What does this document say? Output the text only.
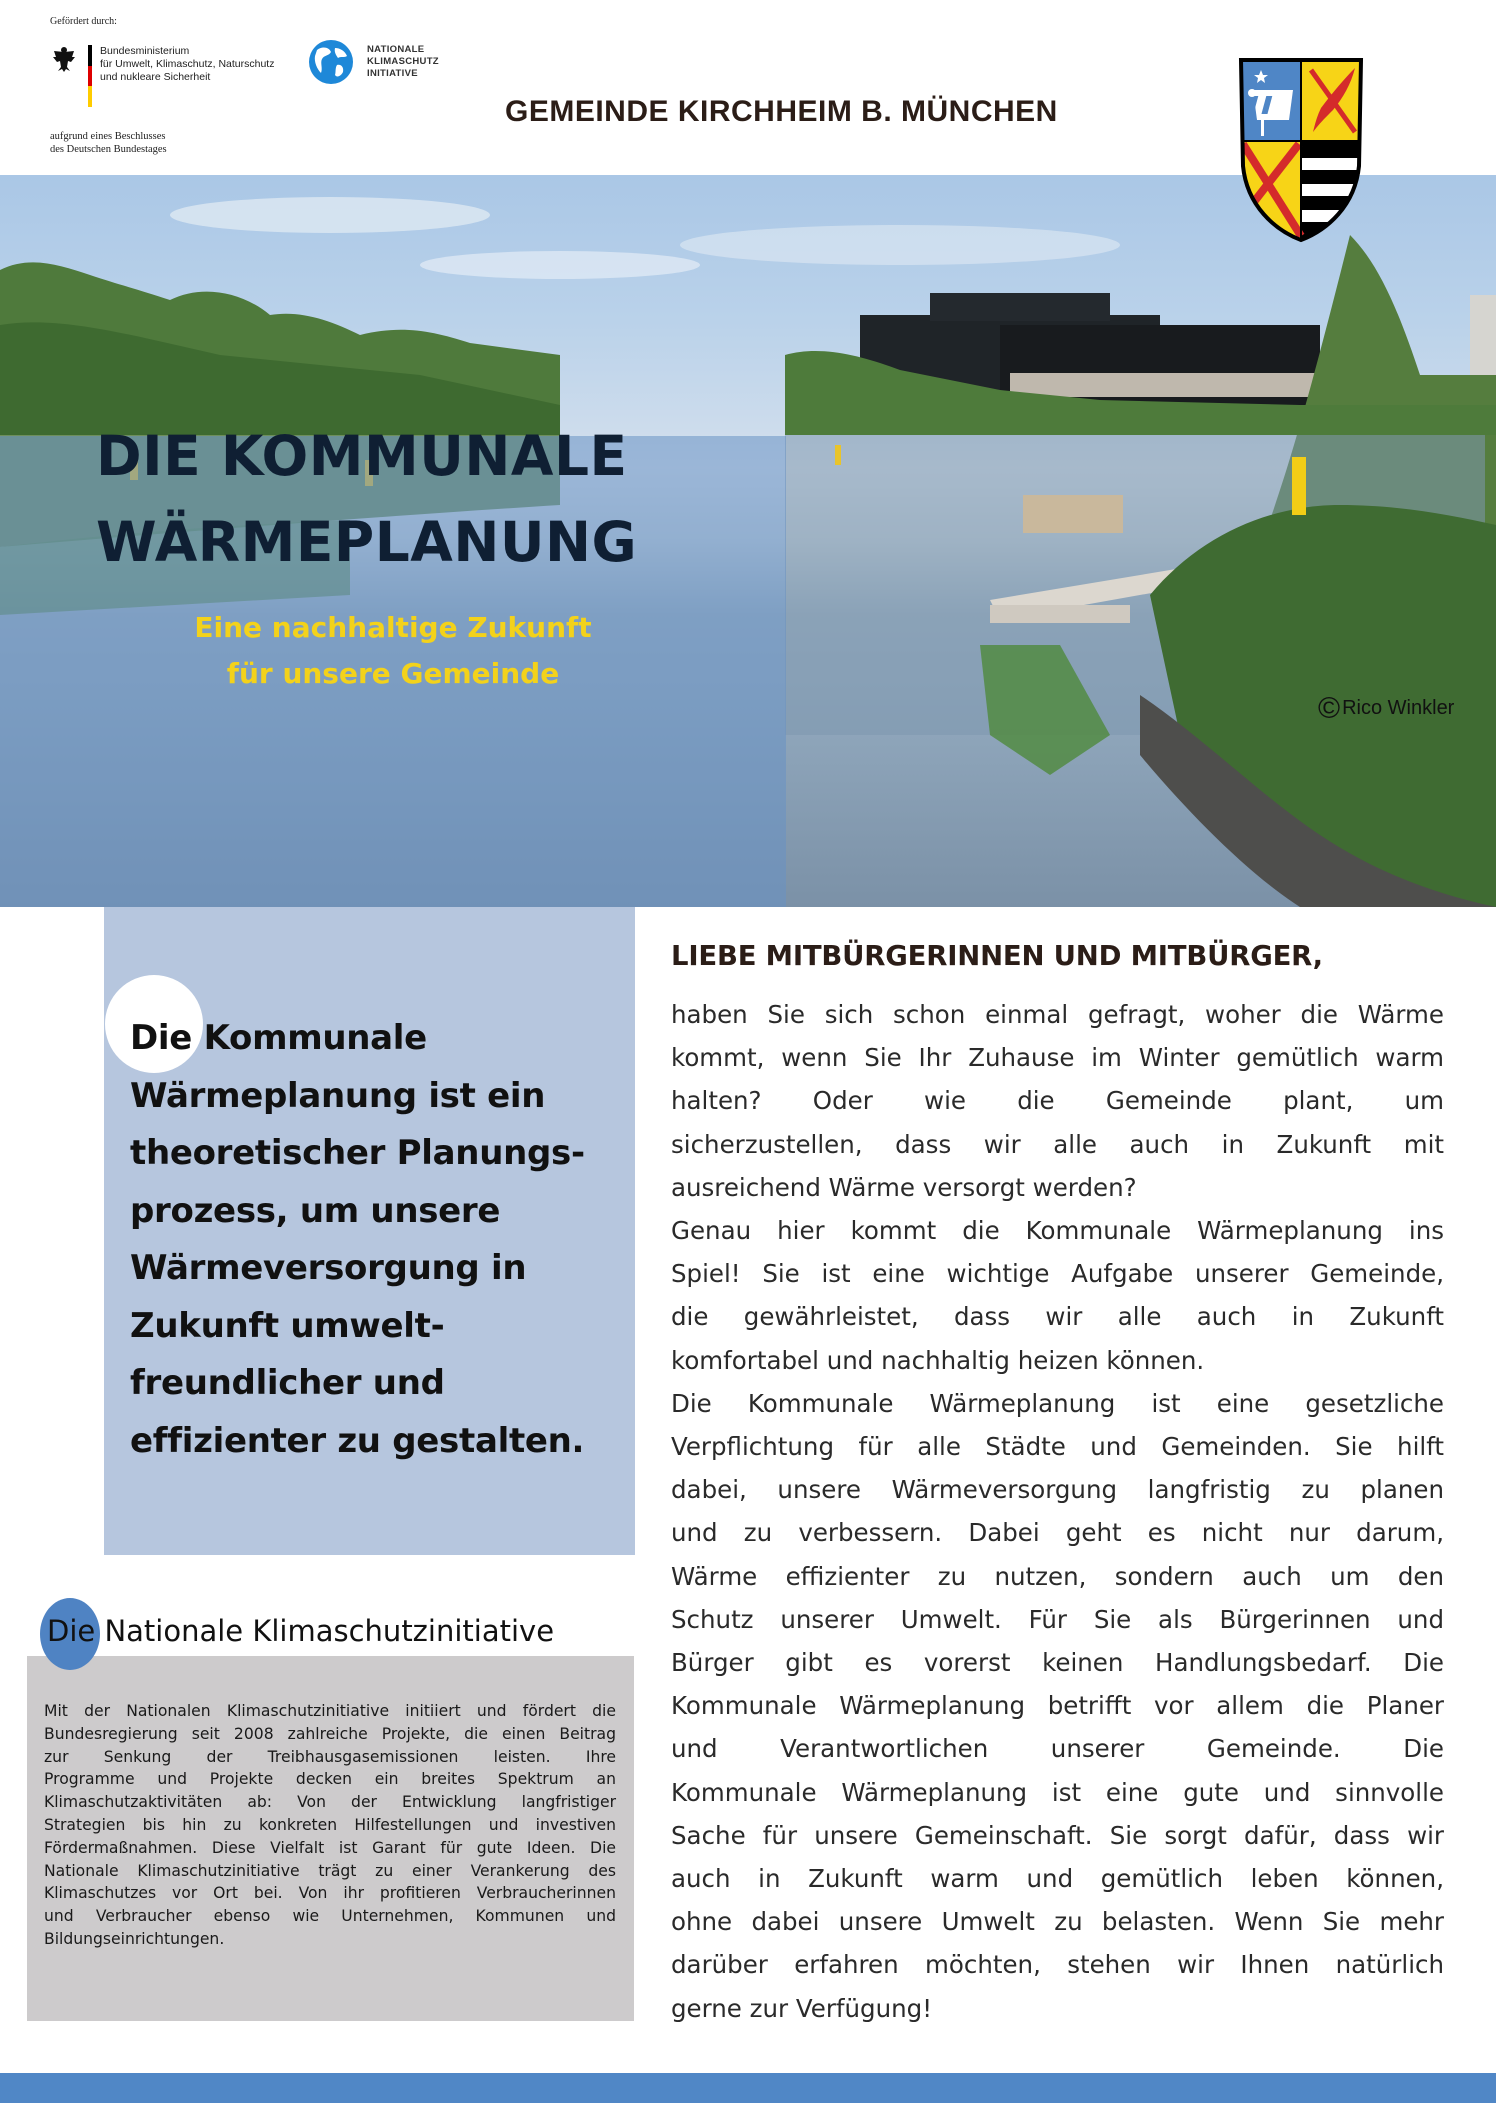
Gefördert durch:
Bundesministerium
für Umwelt, Klimaschutz, Naturschutz
und nukleare Sicherheit
aufgrund eines Beschlusses
des Deutschen Bundestages
NATIONALE
KLIMASCHUTZ
INITIATIVE
GEMEINDE KIRCHHEIM B. MÜNCHEN
DIE KOMMUNALE
WÄRMEPLANUNG
Eine nachhaltige Zukunft
für unsere Gemeinde
© Rico Winkler
Die Kommunale
Wärmeplanung ist ein
theoretischer Planungs-
prozess, um unsere
Wärmeversorgung in
Zukunft umwelt-
freundlicher und
effizienter zu gestalten.
Die Nationale Klimaschutzinitiative
Mit der Nationalen Klimaschutzinitiative initiiert und fördert die
Bundesregierung seit 2008 zahlreiche Projekte, die einen Beitrag
zur Senkung der Treibhausgasemissionen leisten. Ihre
Programme und Projekte decken ein breites Spektrum an
Klimaschutzaktivitäten ab: Von der Entwicklung langfristiger
Strategien bis hin zu konkreten Hilfestellungen und investiven
Fördermaßnahmen. Diese Vielfalt ist Garant für gute Ideen. Die
Nationale Klimaschutzinitiative trägt zu einer Verankerung des
Klimaschutzes vor Ort bei. Von ihr profitieren Verbraucherinnen
und Verbraucher ebenso wie Unternehmen, Kommunen und
Bildungseinrichtungen.
LIEBE MITBÜRGERINNEN UND MITBÜRGER,
haben Sie sich schon einmal gefragt, woher die Wärme
kommt, wenn Sie Ihr Zuhause im Winter gemütlich warm
halten? Oder wie die Gemeinde plant, um
sicherzustellen, dass wir alle auch in Zukunft mit
ausreichend Wärme versorgt werden?
Genau hier kommt die Kommunale Wärmeplanung ins
Spiel! Sie ist eine wichtige Aufgabe unserer Gemeinde,
die gewährleistet, dass wir alle auch in Zukunft
komfortabel und nachhaltig heizen können.
Die Kommunale Wärmeplanung ist eine gesetzliche
Verpflichtung für alle Städte und Gemeinden. Sie hilft
dabei, unsere Wärmeversorgung langfristig zu planen
und zu verbessern. Dabei geht es nicht nur darum,
Wärme effizienter zu nutzen, sondern auch um den
Schutz unserer Umwelt. Für Sie als Bürgerinnen und
Bürger gibt es vorerst keinen Handlungsbedarf. Die
Kommunale Wärmeplanung betrifft vor allem die Planer
und Verantwortlichen unserer Gemeinde. Die
Kommunale Wärmeplanung ist eine gute und sinnvolle
Sache für unsere Gemeinschaft. Sie sorgt dafür, dass wir
auch in Zukunft warm und gemütlich leben können,
ohne dabei unsere Umwelt zu belasten. Wenn Sie mehr
darüber erfahren möchten, stehen wir Ihnen natürlich
gerne zur Verfügung!
